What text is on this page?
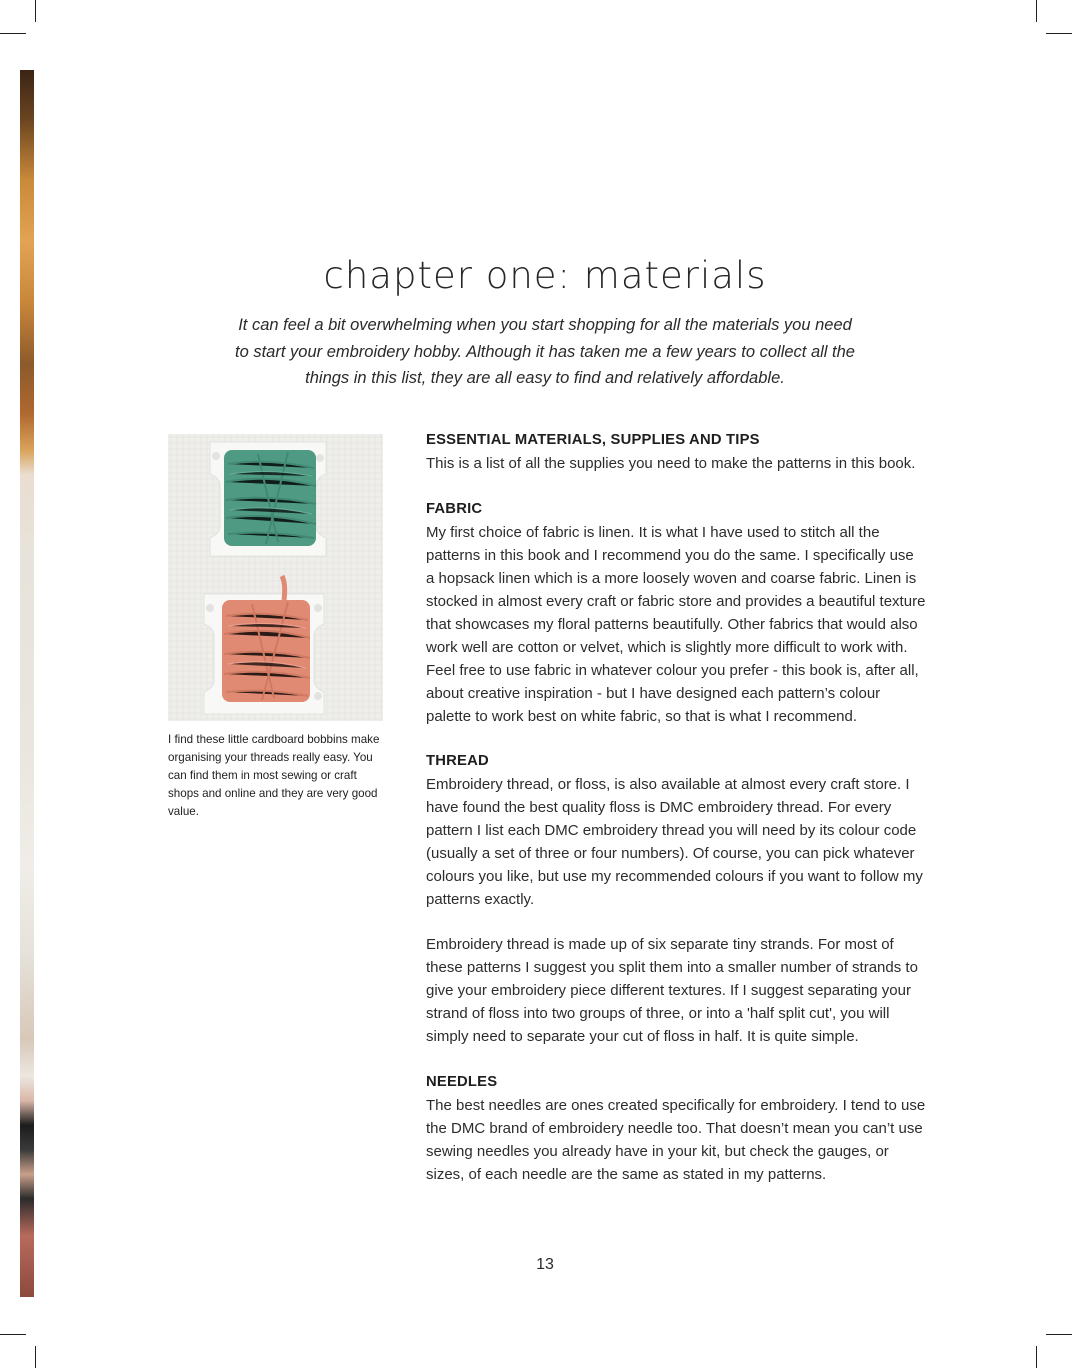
chapter one: materials

It can feel a bit overwhelming when you start shopping for all the materials you need to start your embroidery hobby. Although it has taken me a few years to collect all the things in this list, they are all easy to find and relatively affordable.

I find these little cardboard bobbins make organising your threads really easy. You can find them in most sewing or craft shops and online and they are very good value.

ESSENTIAL MATERIALS, SUPPLIES AND TIPS

This is a list of all the supplies you need to make the patterns in this book.

FABRIC

My first choice of fabric is linen. It is what I have used to stitch all the patterns in this book and I recommend you do the same. I specifically use a hopsack linen which is a more loosely woven and coarse fabric. Linen is stocked in almost every craft or fabric store and provides a beautiful texture that showcases my floral patterns beautifully. Other fabrics that would also work well are cotton or velvet, which is slightly more difficult to work with. Feel free to use fabric in whatever colour you prefer - this book is, after all, about creative inspiration - but I have designed each pattern’s colour palette to work best on white fabric, so that is what I recommend.

THREAD

Embroidery thread, or floss, is also available at almost every craft store. I have found the best quality floss is DMC embroidery thread. For every pattern I list each DMC embroidery thread you will need by its colour code (usually a set of three or four numbers). Of course, you can pick whatever colours you like, but use my recommended colours if you want to follow my patterns exactly.

Embroidery thread is made up of six separate tiny strands. For most of these patterns I suggest you split them into a smaller number of strands to give your embroidery piece different textures. If I suggest separating your strand of floss into two groups of three, or into a 'half split cut', you will simply need to separate your cut of floss in half. It is quite simple.

NEEDLES

The best needles are ones created specifically for embroidery. I tend to use the DMC brand of embroidery needle too. That doesn’t mean you can’t use sewing needles you already have in your kit, but check the gauges, or sizes, of each needle are the same as stated in my patterns.

13
